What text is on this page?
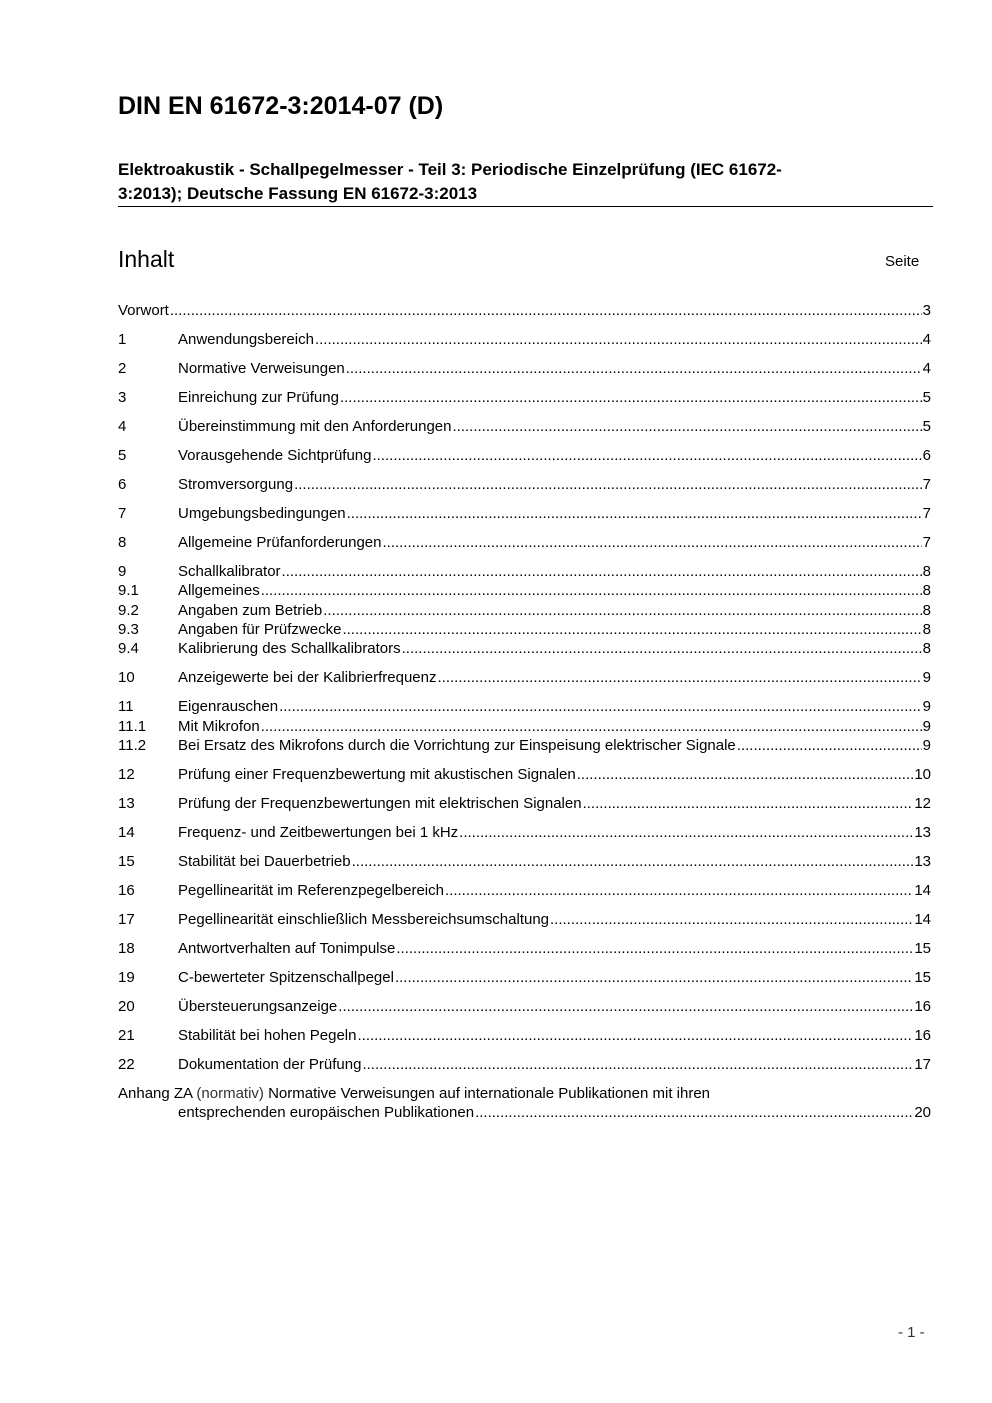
DIN EN 61672-3:2014-07 (D)
Elektroakustik - Schallpegelmesser - Teil 3: Periodische Einzelprüfung (IEC 61672-
3:2013); Deutsche Fassung EN 61672-3:2013
Inhalt	Seite
Vorwort .....	3
1	Anwendungsbereich .....	4
2	Normative Verweisungen .....	4
3	Einreichung zur Prüfung .....	5
4	Übereinstimmung mit den Anforderungen .....	5
5	Vorausgehende Sichtprüfung .....	6
6	Stromversorgung .....	7
7	Umgebungsbedingungen .....	7
8	Allgemeine Prüfanforderungen .....	7
9	Schallkalibrator .....	8
9.1	Allgemeines .....	8
9.2	Angaben zum Betrieb .....	8
9.3	Angaben für Prüfzwecke .....	8
9.4	Kalibrierung des Schallkalibrators .....	8
10	Anzeigewerte bei der Kalibrierfrequenz .....	9
11	Eigenrauschen .....	9
11.1	Mit Mikrofon .....	9
11.2	Bei Ersatz des Mikrofons durch die Vorrichtung zur Einspeisung elektrischer Signale .....	9
12	Prüfung einer Frequenzbewertung mit akustischen Signalen .....	10
13	Prüfung der Frequenzbewertungen mit elektrischen Signalen .....	12
14	Frequenz- und Zeitbewertungen bei 1 kHz .....	13
15	Stabilität bei Dauerbetrieb .....	13
16	Pegellinearität im Referenzpegelbereich .....	14
17	Pegellinearität einschließlich Messbereichsumschaltung .....	14
18	Antwortverhalten auf Tonimpulse .....	15
19	C-bewerteter Spitzenschallpegel .....	15
20	Übersteuerungsanzeige .....	16
21	Stabilität bei hohen Pegeln .....	16
22	Dokumentation der Prüfung .....	17
Anhang ZA (normativ) Normative Verweisungen auf internationale Publikationen mit ihren
entsprechenden europäischen Publikationen .....	20
- 1 -
